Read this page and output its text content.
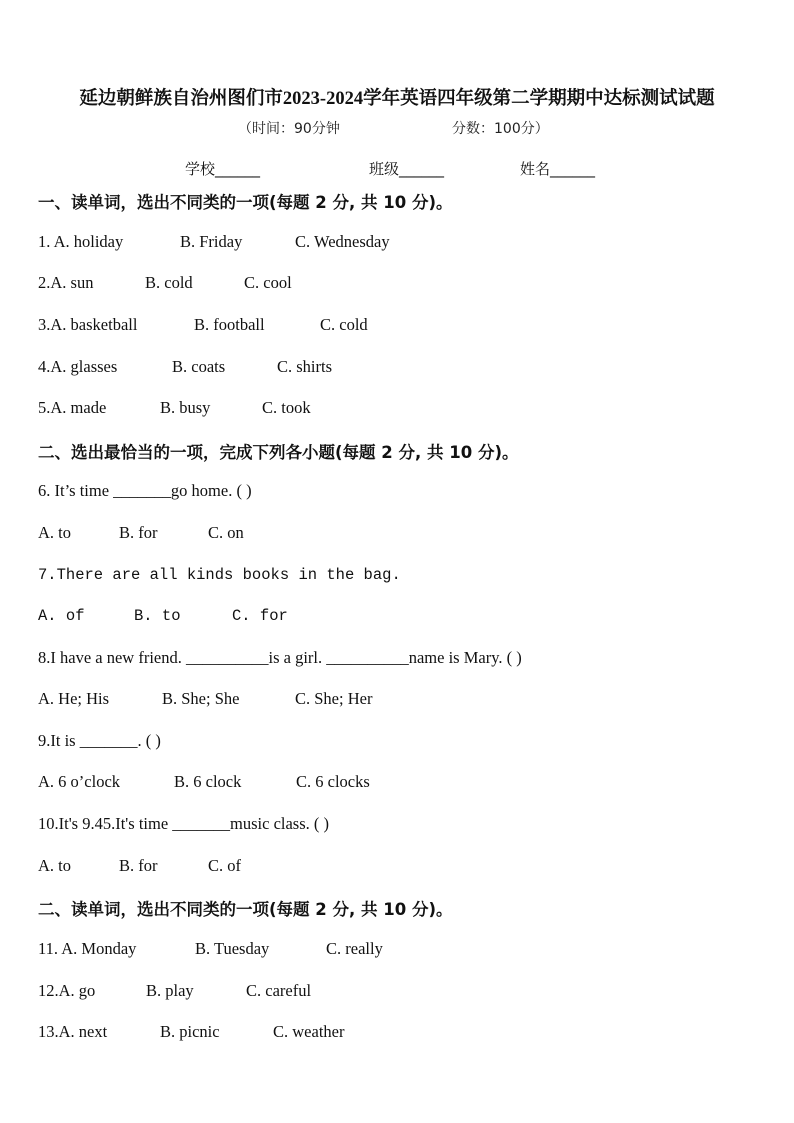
延边朝鲜族自治州图们市2023-2024学年英语四年级第二学期期中达标测试试题
（时间：90分钟	分数：100分）
学校______	班级______	姓名______
一、读单词，选出不同类的一项(每题 2 分, 共 10 分)。
1. A. holiday	B. Friday	C. Wednesday
2.A. sun	B. cold	C. cool
3.A. basketball	B. football	C. cold
4.A. glasses	B. coats	C. shirts
5.A. made	B. busy	C. took
二、选出最恰当的一项，完成下列各小题(每题 2 分, 共 10 分)。
6. It’s time _______go home. ( )
A. to	B. for	C. on
7.There are all kinds books in the bag.
A. of	B. to	C. for
8.I have a new friend. __________is a girl. __________name is Mary. ( )
A. He; His	B. She; She	C. She; Her
9.It is _______. ( )
A. 6 o’clock	B. 6 clock	C. 6 clocks
10.It's 9.45.It's time _______music class. ( )
A. to	B. for	C. of
二、读单词，选出不同类的一项(每题 2 分, 共 10 分)。
11. A. Monday	B. Tuesday	C. really
12.A. go	B. play	C. careful
13.A. next	B. picnic	C. weather
